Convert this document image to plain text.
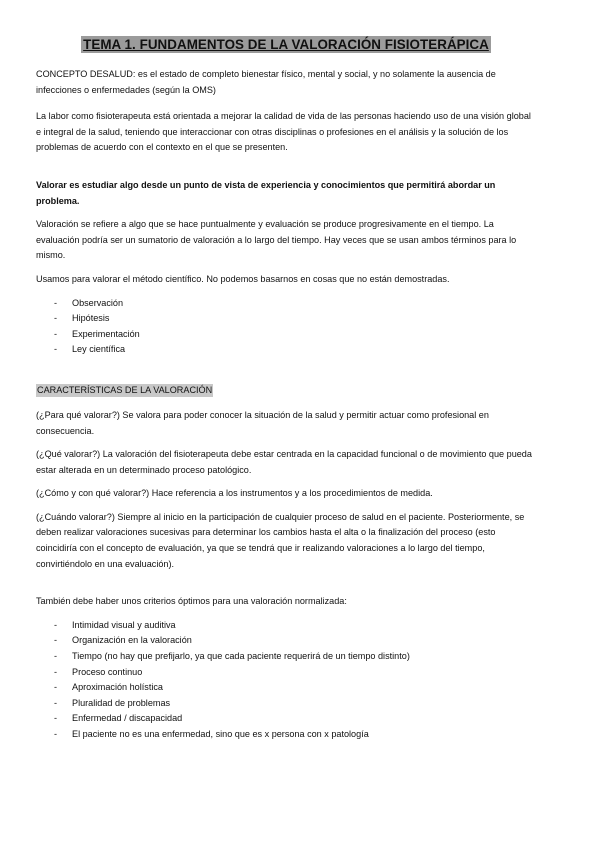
TEMA 1. FUNDAMENTOS DE LA VALORACIÓN FISIOTERÁPICA

CONCEPTO DESALUD: es el estado de completo bienestar físico, mental y social, y no solamente la ausencia de infecciones o enfermedades (según la OMS)

La labor como fisioterapeuta está orientada a mejorar la calidad de vida de las personas haciendo uso de una visión global e integral de la salud, teniendo que interaccionar con otras disciplinas o profesiones en el análisis y la solución de los problemas de acuerdo con el contexto en el que se presenten.

Valorar es estudiar algo desde un punto de vista de experiencia y conocimientos que permitirá abordar un problema.

Valoración se refiere a algo que se hace puntualmente y evaluación se produce progresivamente en el tiempo. La evaluación podría ser un sumatorio de valoración a lo largo del tiempo. Hay veces que se usan ambos términos para lo mismo.

Usamos para valorar el método científico. No podemos basarnos en cosas que no están demostradas.

- Observación
- Hipótesis
- Experimentación
- Ley científica
CARACTERÍSTICAS DE LA VALORACIÓN

(¿Para qué valorar?) Se valora para poder conocer la situación de la salud y permitir actuar como profesional en consecuencia.

(¿Qué valorar?) La valoración del fisioterapeuta debe estar centrada en la capacidad funcional o de movimiento que pueda estar alterada en un determinado proceso patológico.

(¿Cómo y con qué valorar?) Hace referencia a los instrumentos y a los procedimientos de medida.

(¿Cuándo valorar?) Siempre al inicio en la participación de cualquier proceso de salud en el paciente. Posteriormente, se deben realizar valoraciones sucesivas para determinar los cambios hasta el alta o la finalización del proceso (esto coincidiría con el concepto de evaluación, ya que se tendrá que ir realizando valoraciones a lo largo del tiempo, convirtiéndolo en una evaluación).

También debe haber unos criterios óptimos para una valoración normalizada:

- Intimidad visual y auditiva
- Organización en la valoración
- Tiempo (no hay que prefijarlo, ya que cada paciente requerirá de un tiempo distinto)
- Proceso continuo
- Aproximación holística
- Pluralidad de problemas
- Enfermedad / discapacidad
- El paciente no es una enfermedad, sino que es x persona con x patología
